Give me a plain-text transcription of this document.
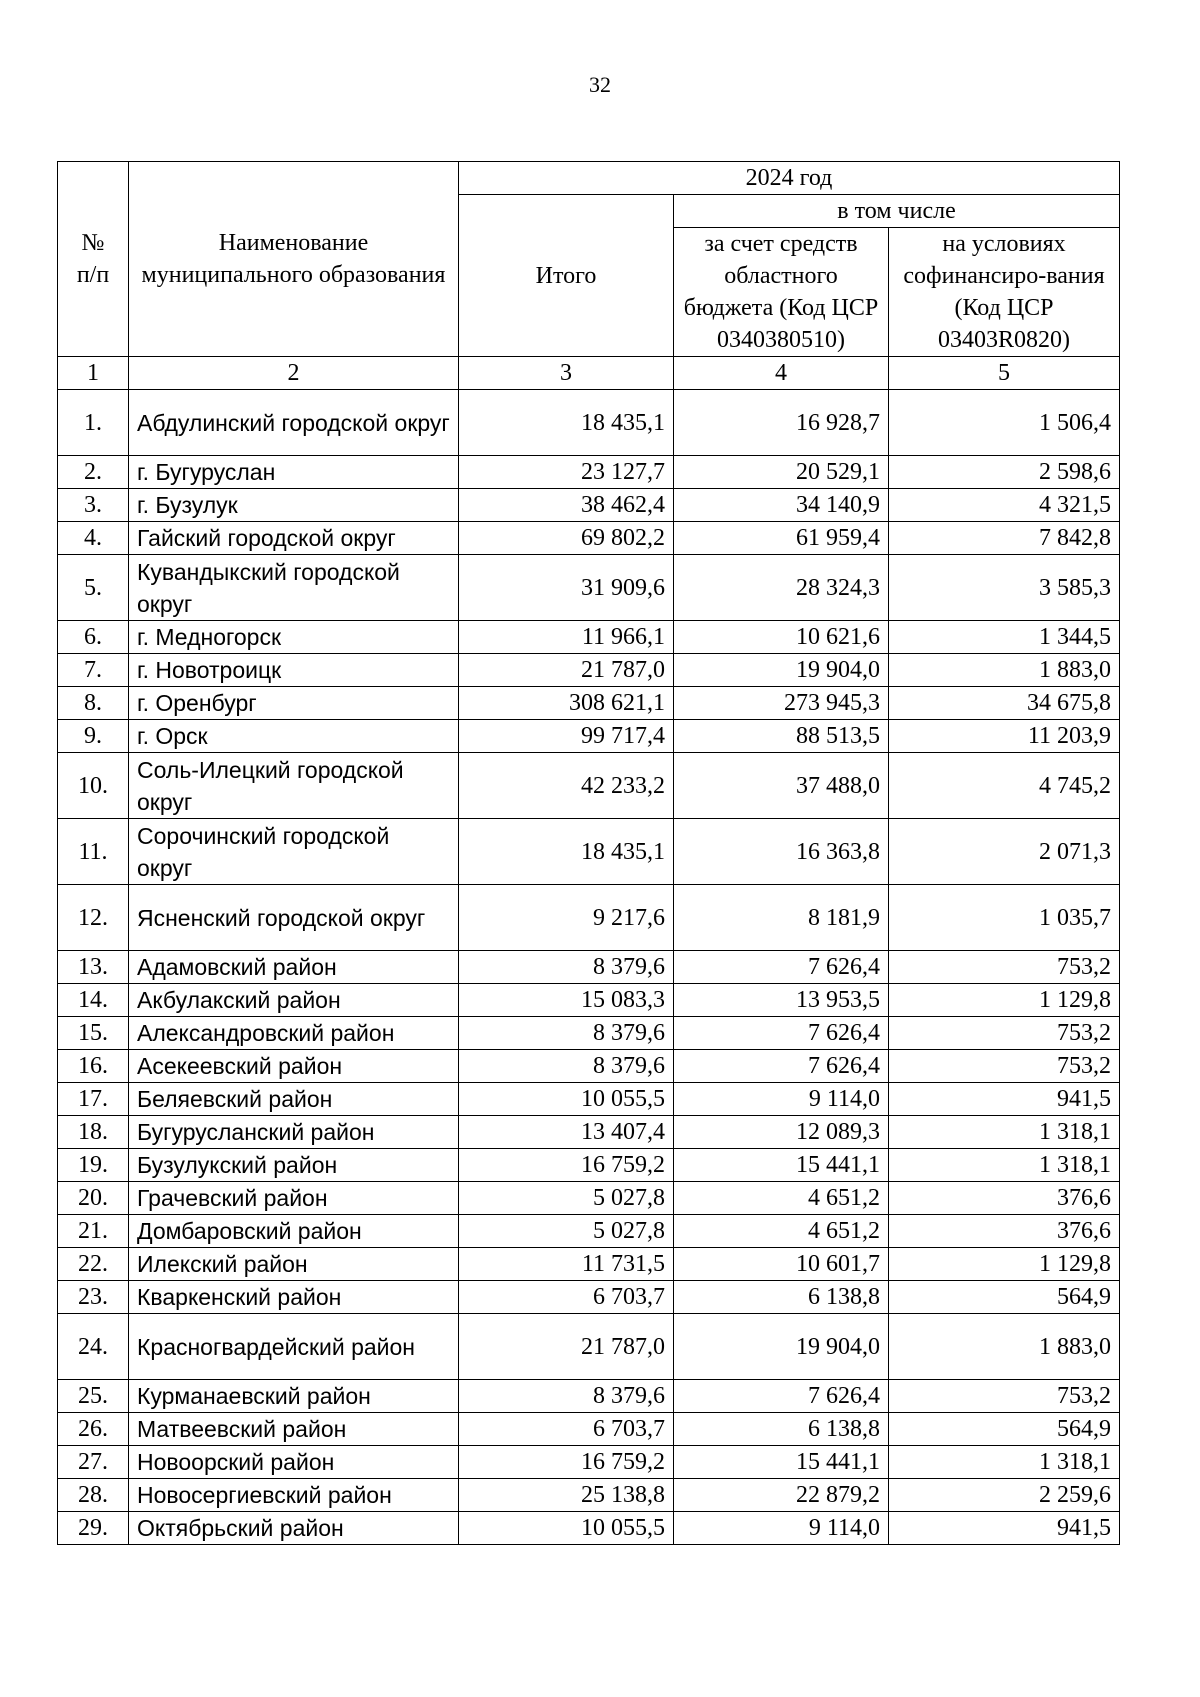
32
№
п/п	Наименование муниципального образования	2024 год		
		Итого	в том числе	
			за счет средств областного бюджета (Код ЦСР 0340380510)	на условиях софинансиро-вания (Код ЦСР 03403R0820)
1	2	3	4	5
1.	Абдулинский городской округ	18 435,1	16 928,7	1 506,4
2.	г. Бугуруслан	23 127,7	20 529,1	2 598,6
3.	г. Бузулук	38 462,4	34 140,9	4 321,5
4.	Гайский городской округ	69 802,2	61 959,4	7 842,8
5.	Кувандыкский городской округ	31 909,6	28 324,3	3 585,3
6.	г. Медногорск	11 966,1	10 621,6	1 344,5
7.	г. Новотроицк	21 787,0	19 904,0	1 883,0
8.	г. Оренбург	308 621,1	273 945,3	34 675,8
9.	г. Орск	99 717,4	88 513,5	11 203,9
10.	Соль-Илецкий городской округ	42 233,2	37 488,0	4 745,2
11.	Сорочинский городской округ	18 435,1	16 363,8	2 071,3
12.	Ясненский городской округ	9 217,6	8 181,9	1 035,7
13.	Адамовский район	8 379,6	7 626,4	753,2
14.	Акбулакский район	15 083,3	13 953,5	1 129,8
15.	Александровский район	8 379,6	7 626,4	753,2
16.	Асекеевский район	8 379,6	7 626,4	753,2
17.	Беляевский район	10 055,5	9 114,0	941,5
18.	Бугурусланский район	13 407,4	12 089,3	1 318,1
19.	Бузулукский район	16 759,2	15 441,1	1 318,1
20.	Грачевский район	5 027,8	4 651,2	376,6
21.	Домбаровский район	5 027,8	4 651,2	376,6
22.	Илекский район	11 731,5	10 601,7	1 129,8
23.	Кваркенский район	6 703,7	6 138,8	564,9
24.	Красногвардейский район	21 787,0	19 904,0	1 883,0
25.	Курманаевский район	8 379,6	7 626,4	753,2
26.	Матвеевский район	6 703,7	6 138,8	564,9
27.	Новоорский район	16 759,2	15 441,1	1 318,1
28.	Новосергиевский район	25 138,8	22 879,2	2 259,6
29.	Октябрьский район	10 055,5	9 114,0	941,5
